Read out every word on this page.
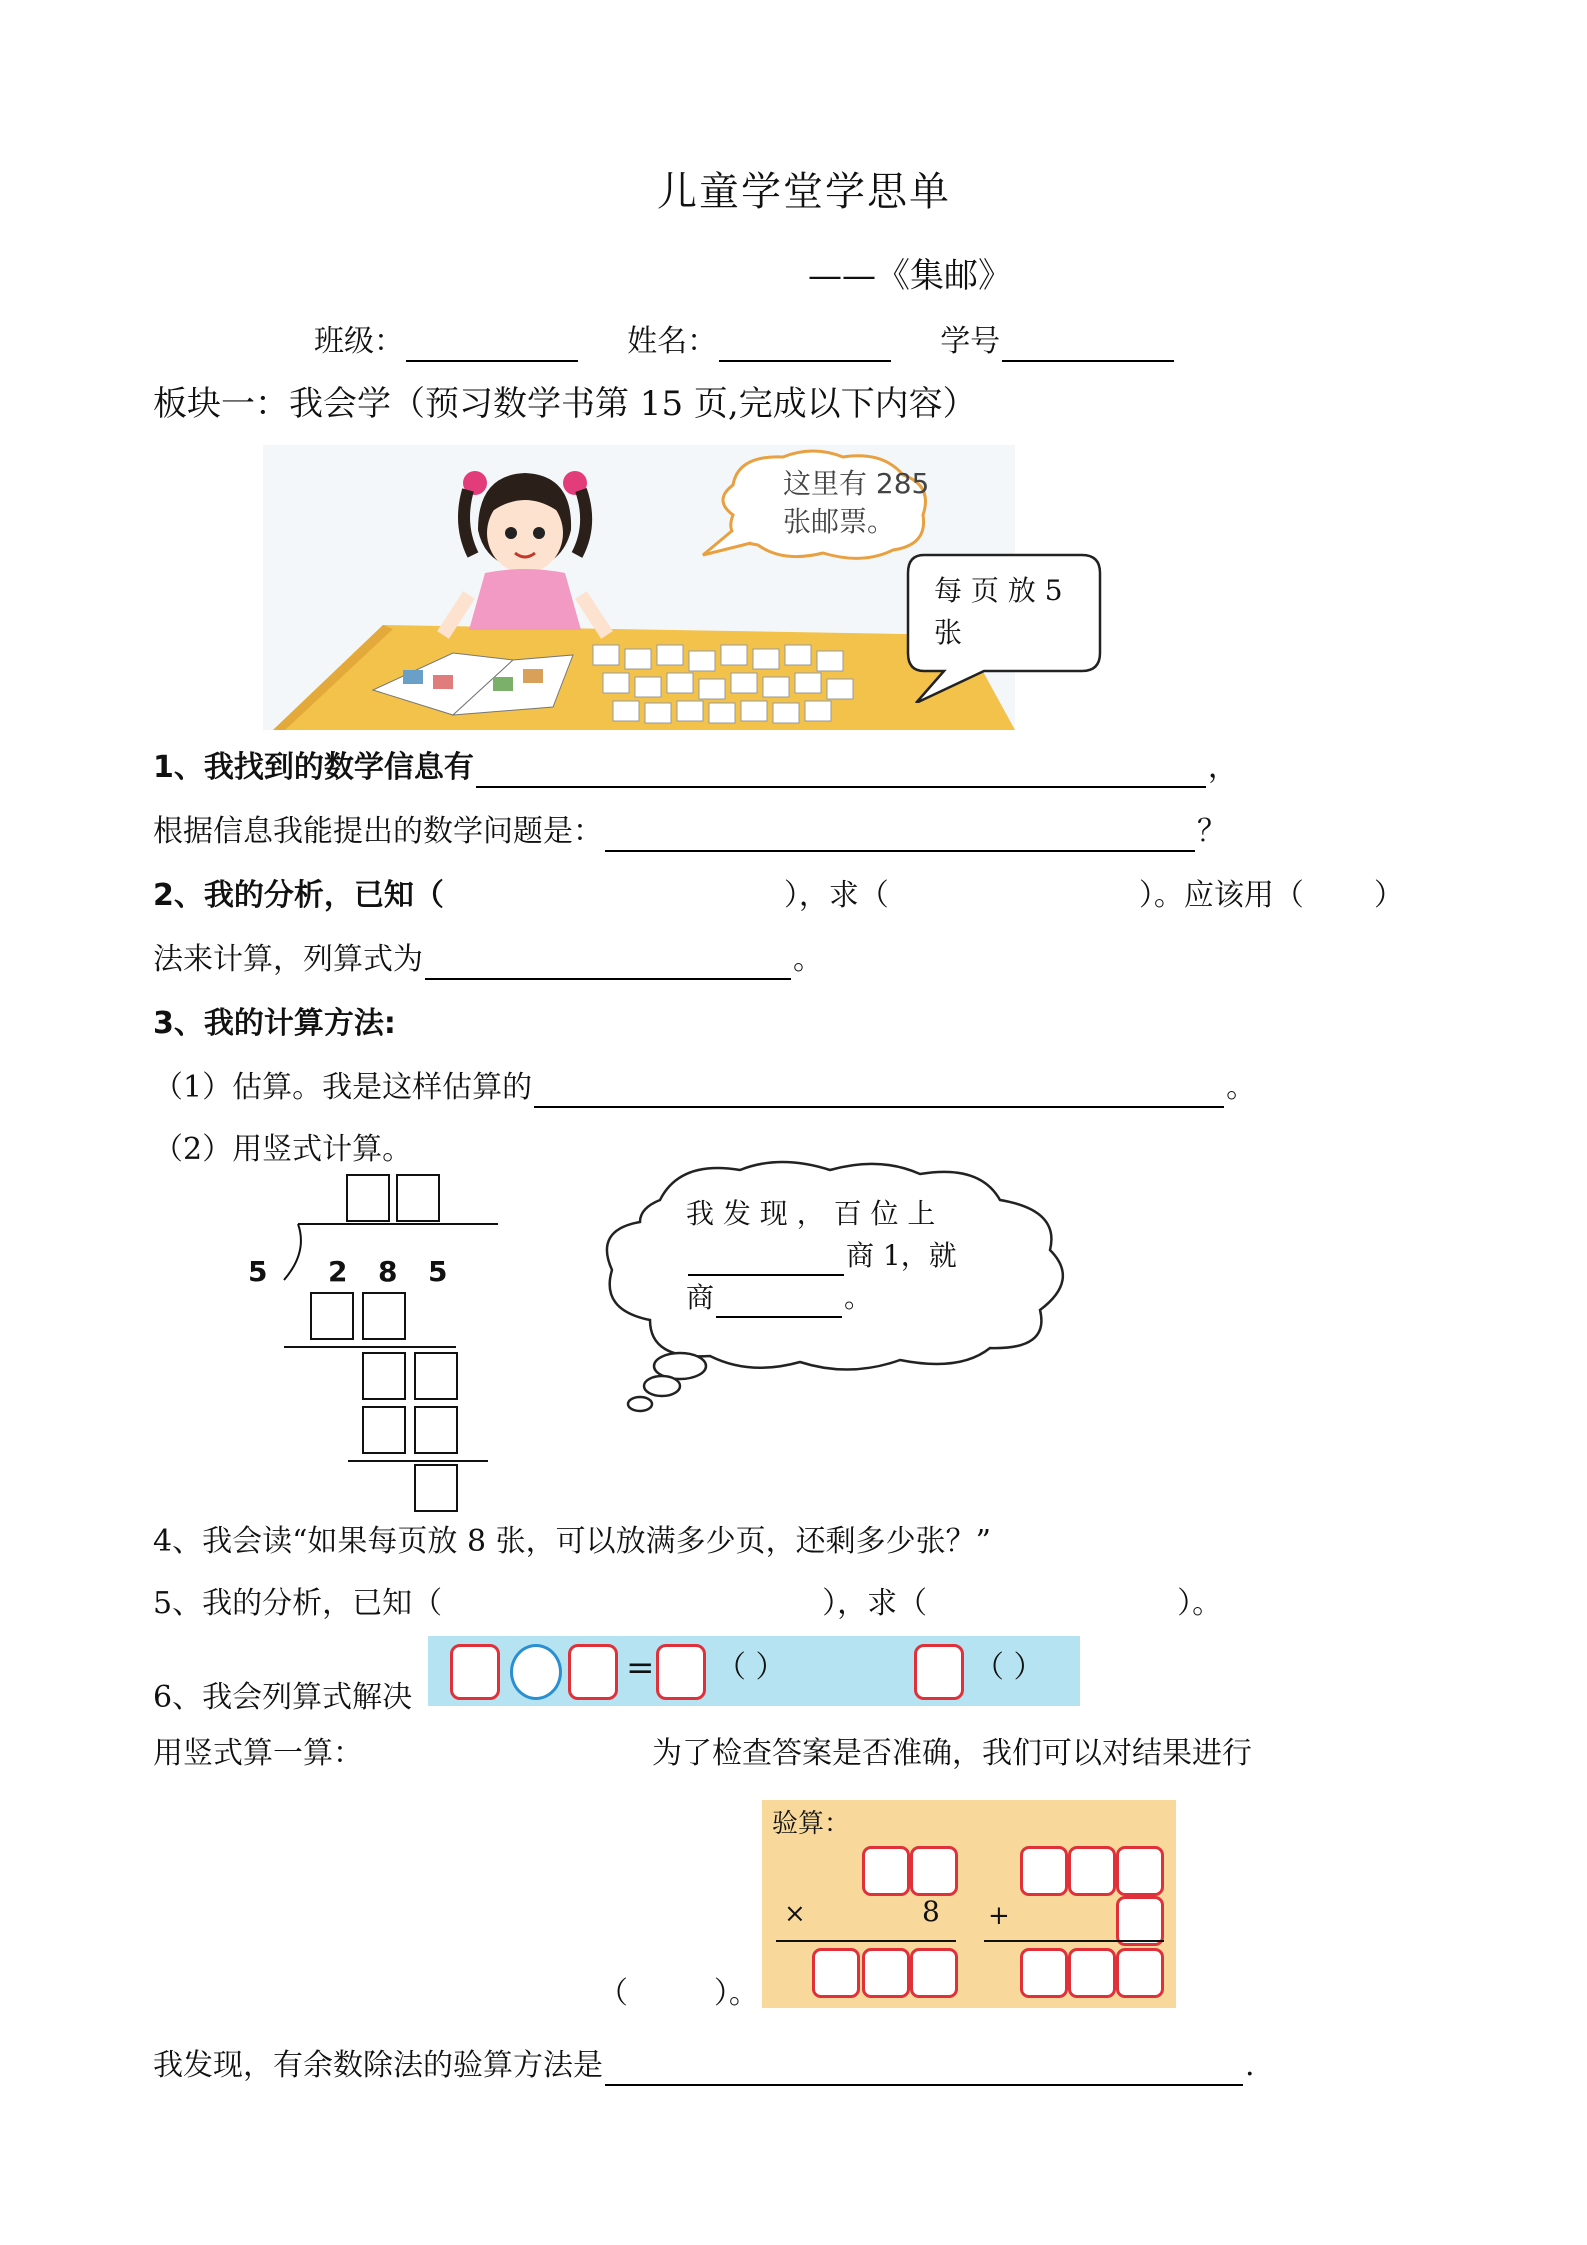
儿童学堂学思单
——《集邮》
班级：	姓名：	学号
板块一：我会学（预习数学书第 15 页,完成以下内容）
这里有 285 张邮票。
每 页 放 5
张
1、我找到的数学信息有	，
根据信息我能提出的数学问题是：	？
2、我的分析，已知（	），求（	）。应该用（ ）
法来计算，列算式为	。
3、我的计算方法:
（1）估算。我是这样估算的	。
（2）用竖式计算。
5 2 8 5
我 发 现 ， 百 位 上
商 1，就
商	。
4、我会读“如果每页放 8 张，可以放满多少页，还剩多少张？”
5、我的分析，已知（	），求（	）。
6、我会列算式解决
= （ ）	（ ）
用竖式算一算：	为了检查答案是否准确，我们可以对结果进行
验算：
×	8 +
（         ）。
我发现，有余数除法的验算方法是	.
